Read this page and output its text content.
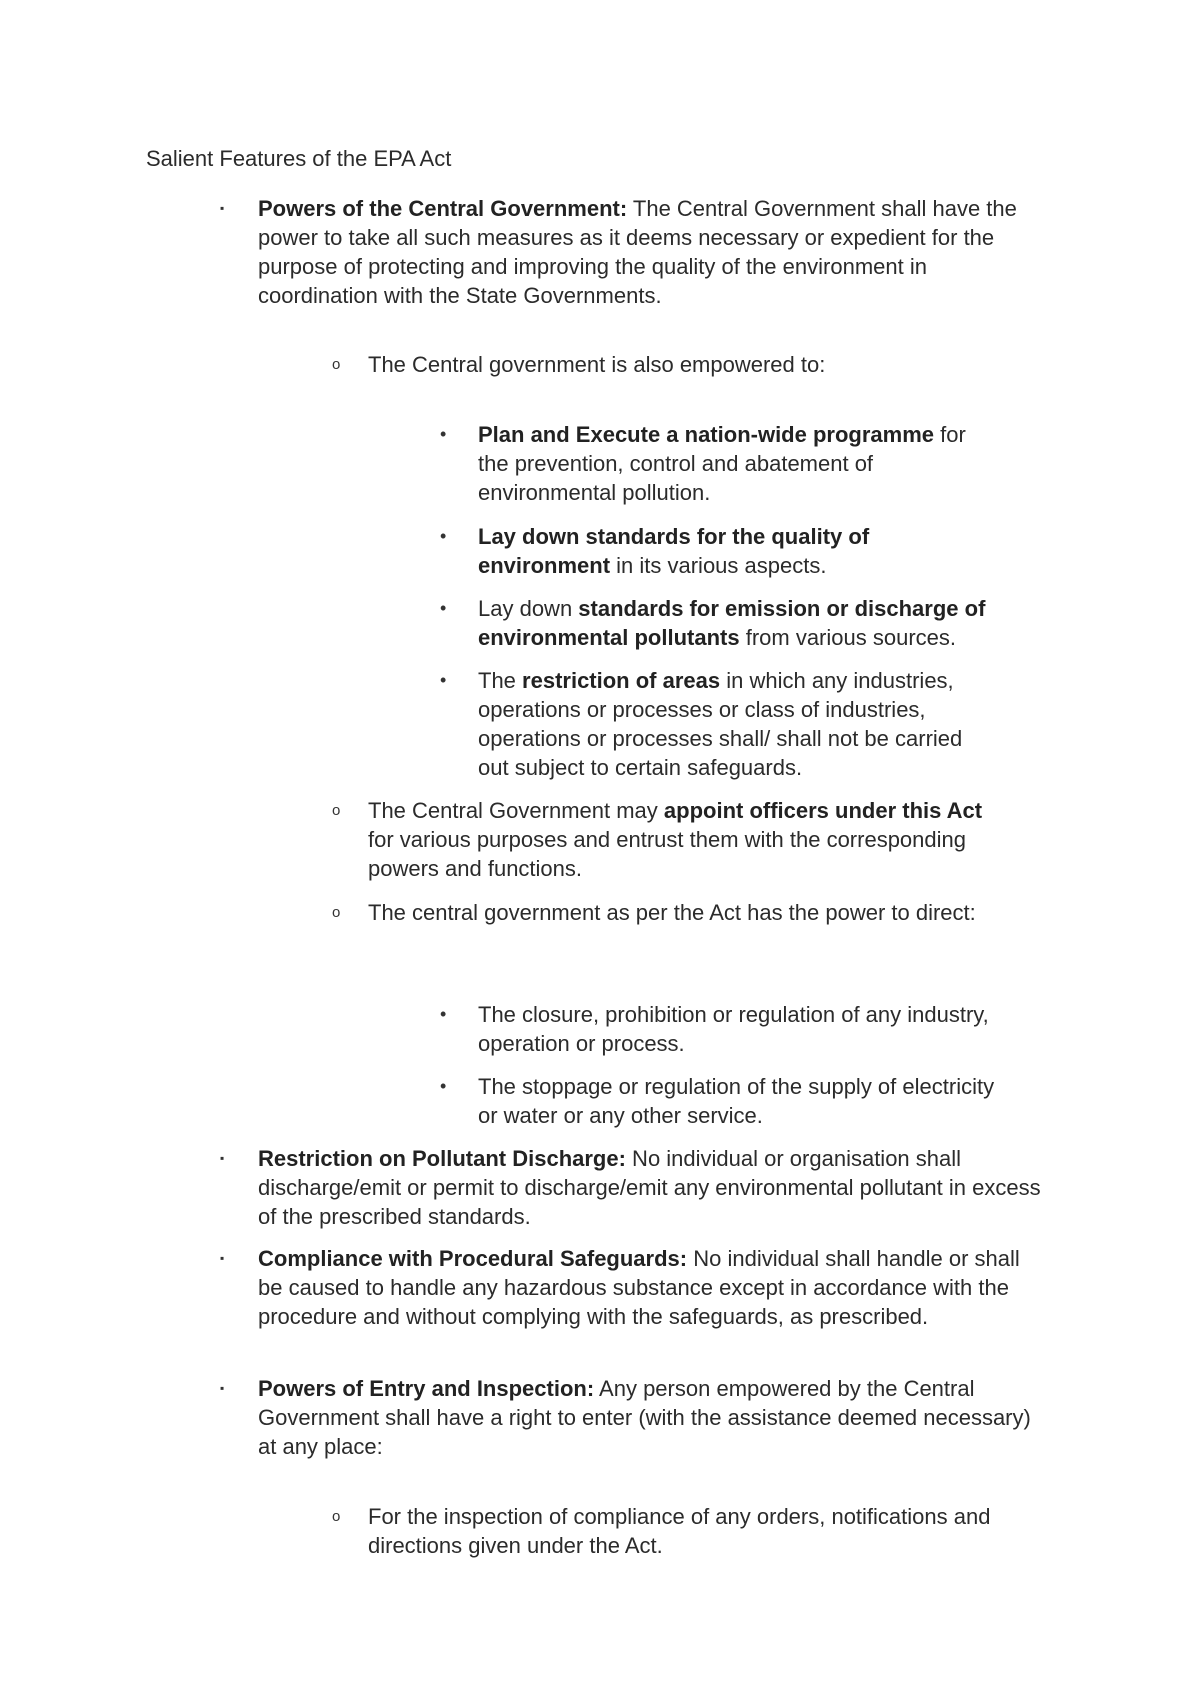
Salient Features of the EPA Act
▪ Powers of the Central Government: The Central Government shall have the power to take all such measures as it deems necessary or expedient for the purpose of protecting and improving the quality of the environment in coordination with the State Governments.
o The Central government is also empowered to:
• Plan and Execute a nation-wide programme for the prevention, control and abatement of environmental pollution.
• Lay down standards for the quality of environment in its various aspects.
• Lay down standards for emission or discharge of environmental pollutants from various sources.
• The restriction of areas in which any industries, operations or processes or class of industries, operations or processes shall/ shall not be carried out subject to certain safeguards.
o The Central Government may appoint officers under this Act for various purposes and entrust them with the corresponding powers and functions.
o The central government as per the Act has the power to direct:
• The closure, prohibition or regulation of any industry, operation or process.
• The stoppage or regulation of the supply of electricity or water or any other service.
▪ Restriction on Pollutant Discharge: No individual or organisation shall discharge/emit or permit to discharge/emit any environmental pollutant in excess of the prescribed standards.
▪ Compliance with Procedural Safeguards: No individual shall handle or shall be caused to handle any hazardous substance except in accordance with the procedure and without complying with the safeguards, as prescribed.
▪ Powers of Entry and Inspection: Any person empowered by the Central Government shall have a right to enter (with the assistance deemed necessary) at any place:
o For the inspection of compliance of any orders, notifications and directions given under the Act.
